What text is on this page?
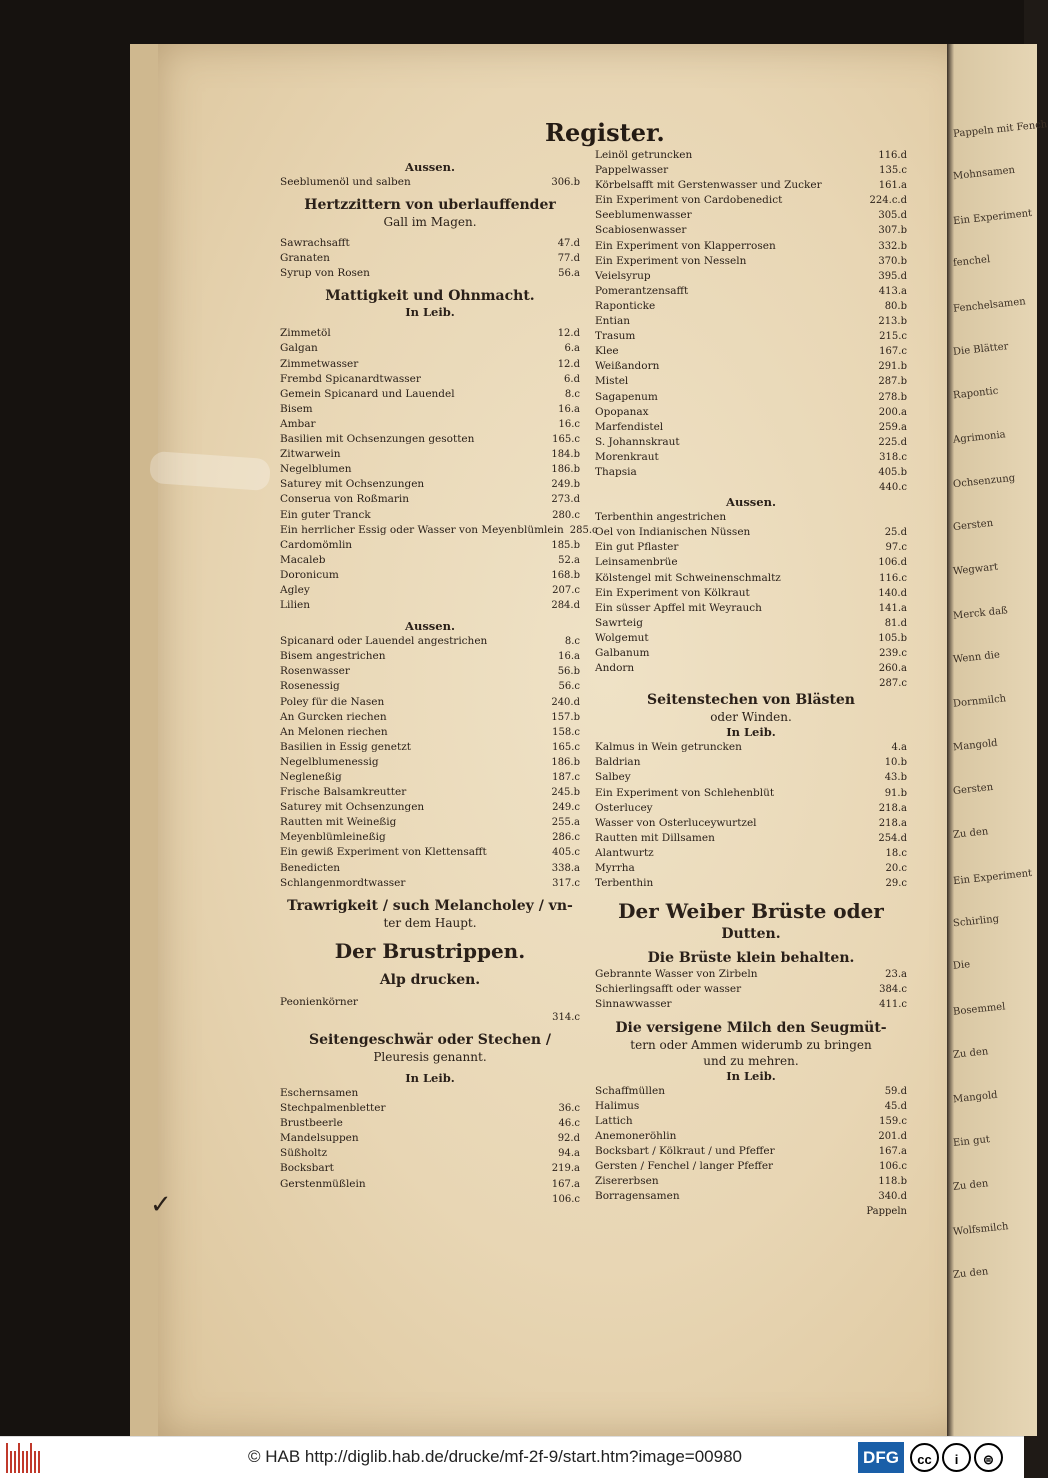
Pappeln mit Fench
Mohnsamen
Ein Experiment
fenchel
Fenchelsamen
Die Blätter
Rapontic
Agrimonia
Ochsenzung
Gersten
Wegwart
Merck daß
Wenn die
Dornmilch
Mangold
Gersten
Zu den
Ein Experiment
Schirling
Die
Bosemmel
Zu den
Mangold
Ein gut
Zu den
Wolfsmilch
Zu den
Register.
Aussen.
Seeblumenöl und salben	306.b
Hertzzittern von uberlauffender
Gall im Magen.
Sawrachsafft	47.d
Granaten	77.d
Syrup von Rosen	56.a
Mattigkeit und Ohnmacht.
In Leib.
Zimmetöl	12.d
Galgan	6.a
Zimmetwasser	12.d
Frembd Spicanardtwasser	6.d
Gemein Spicanard und Lauendel	8.c
Bisem	16.a
Ambar	16.c
Basilien mit Ochsenzungen gesotten	165.c
Zitwarwein	184.b
Negelblumen	186.b
Saturey mit Ochsenzungen	249.b
Conserua von Roßmarin	273.d
Ein guter Tranck	280.c
Ein herrlicher Essig oder Wasser von Meyenblümlein 285.c
Cardomömlin	185.b
Macaleb	52.a
Doronicum	168.b
Agley	207.c
Lilien	284.d
Aussen.
Spicanard oder Lauendel angestrichen	8.c
Bisem angestrichen	16.a
Rosenwasser	56.b
Rosenessig	56.c
Poley für die Nasen	240.d
An Gurcken riechen	157.b
An Melonen riechen	158.c
Basilien in Essig genetzt	165.c
Negelblumenessig	186.b
Negleneßig	187.c
Frische Balsamkreutter	245.b
Saturey mit Ochsenzungen	249.c
Rautten mit Weineßig	255.a
Meyenblümleineßig	286.c
Ein gewiß Experiment von Klettensafft	405.c
Benedicten	338.a
Schlangenmordtwasser	317.c
Trawrigkeit / such Melancholey / vn-
ter dem Haupt.
Der Brustrippen.
Alp drucken.
Peonienkörner
314.c
Seitengeschwär oder Stechen /
Pleuresis genannt.
In Leib.
Eschernsamen
Stechpalmenbletter	36.c
Brustbeerle	46.c
Mandelsuppen	92.d
Süßholtz	94.a
Bocksbart	219.a
Gerstenmüßlein	167.a
106.c
Leinöl getruncken	116.d
Pappelwasser	135.c
Körbelsafft mit Gerstenwasser und Zucker	161.a
Ein Experiment von Cardobenedict	224.c.d
Seeblumenwasser	305.d
Scabiosenwasser	307.b
Ein Experiment von Klapperrosen	332.b
Ein Experiment von Nesseln	370.b
Veielsyrup	395.d
Pomerantzensafft	413.a
Raponticke	80.b
Entian	213.b
Trasum	215.c
Klee	167.c
Weißandorn	291.b
Mistel	287.b
Sagapenum	278.b
Opopanax	200.a
Marfendistel	259.a
S. Johannskraut	225.d
Morenkraut	318.c
Thapsia	405.b
440.c
Aussen.
Terbenthin angestrichen
Oel von Indianischen Nüssen	25.d
Ein gut Pflaster	97.c
Leinsamenbrüe	106.d
Kölstengel mit Schweinenschmaltz	116.c
Ein Experiment von Kölkraut	140.d
Ein süsser Apffel mit Weyrauch	141.a
Sawrteig	81.d
Wolgemut	105.b
Galbanum	239.c
Andorn	260.a
287.c
Seitenstechen von Blästen
oder Winden.
In Leib.
Kalmus in Wein getruncken	4.a
Baldrian	10.b
Salbey	43.b
Ein Experiment von Schlehenblüt	91.b
Osterlucey	218.a
Wasser von Osterluceywurtzel	218.a
Rautten mit Dillsamen	254.d
Alantwurtz	18.c
Myrrha	20.c
Terbenthin	29.c
Der Weiber Brüste oder
Dutten.
Die Brüste klein behalten.
Gebrannte Wasser von Zirbeln	23.a
Schierlingsafft oder wasser	384.c
Sinnawwasser	411.c
Die versigene Milch den Seugmüt-
tern oder Ammen widerumb zu bringen
und zu mehren.
In Leib.
Schaffmüllen	59.d
Halimus	45.d
Lattich	159.c
Anemoneröhlin	201.d
Bocksbart / Kölkraut / und Pfeffer	167.a
Gersten / Fenchel / langer Pfeffer	106.c
Zisererbsen	118.b
Borragensamen	340.d
Pappeln
✓
© HAB http://diglib.hab.de/drucke/mf-2f-9/start.htm?image=00980	DFG	cc	i	⊜
